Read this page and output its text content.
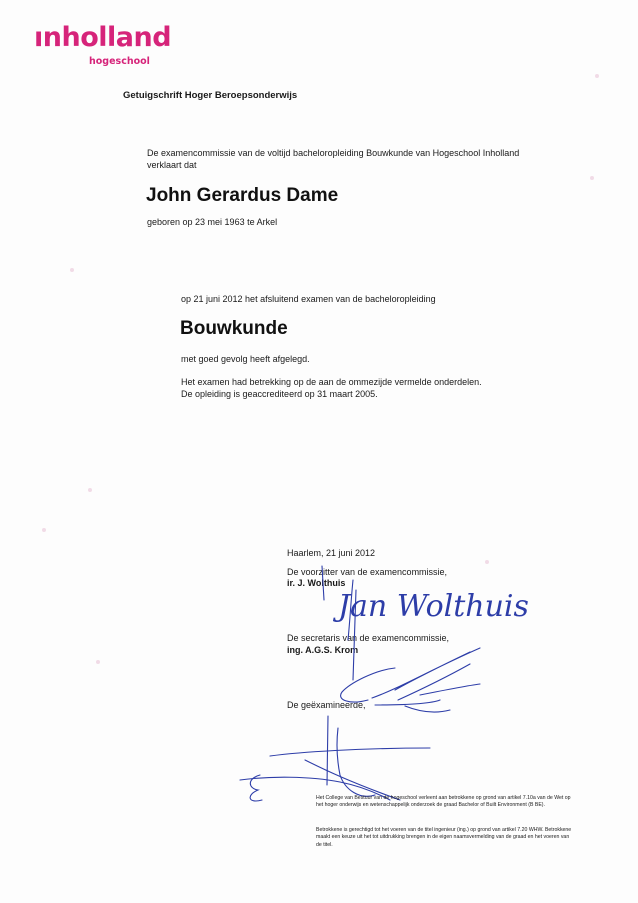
ınholland
hogeschool
Getuigschrift Hoger Beroepsonderwijs
De examencommissie van de voltijd bacheloropleiding Bouwkunde van Hogeschool Inholland verklaart dat
John Gerardus Dame
geboren op 23 mei 1963 te Arkel
op 21 juni 2012 het afsluitend examen van de bacheloropleiding
Bouwkunde
met goed gevolg heeft afgelegd.
Het examen had betrekking op de aan de ommezijde vermelde onderdelen.
De opleiding is geaccrediteerd op 31 maart 2005.
Haarlem, 21 juni 2012
De voorzitter van de examencommissie,
ir. J. Wolthuis
De secretaris van de examencommissie,
ing. A.G.S. Krom
De geëxamineerde,
Jan Wolthuis
Het College van Bestuur van de hogeschool verleent aan betrokkene op grond van artikel 7.10a van de Wet op het hoger onderwijs en wetenschappelijk onderzoek de graad Bachelor of Built Environment (B BE).
Betrokkene is gerechtigd tot het voeren van de titel ingenieur (ing.) op grond van artikel 7.20 WHW. Betrokkene maakt een keuze uit het tot uitdrukking brengen in de eigen naamsvermelding van de graad en het voeren van de titel.
